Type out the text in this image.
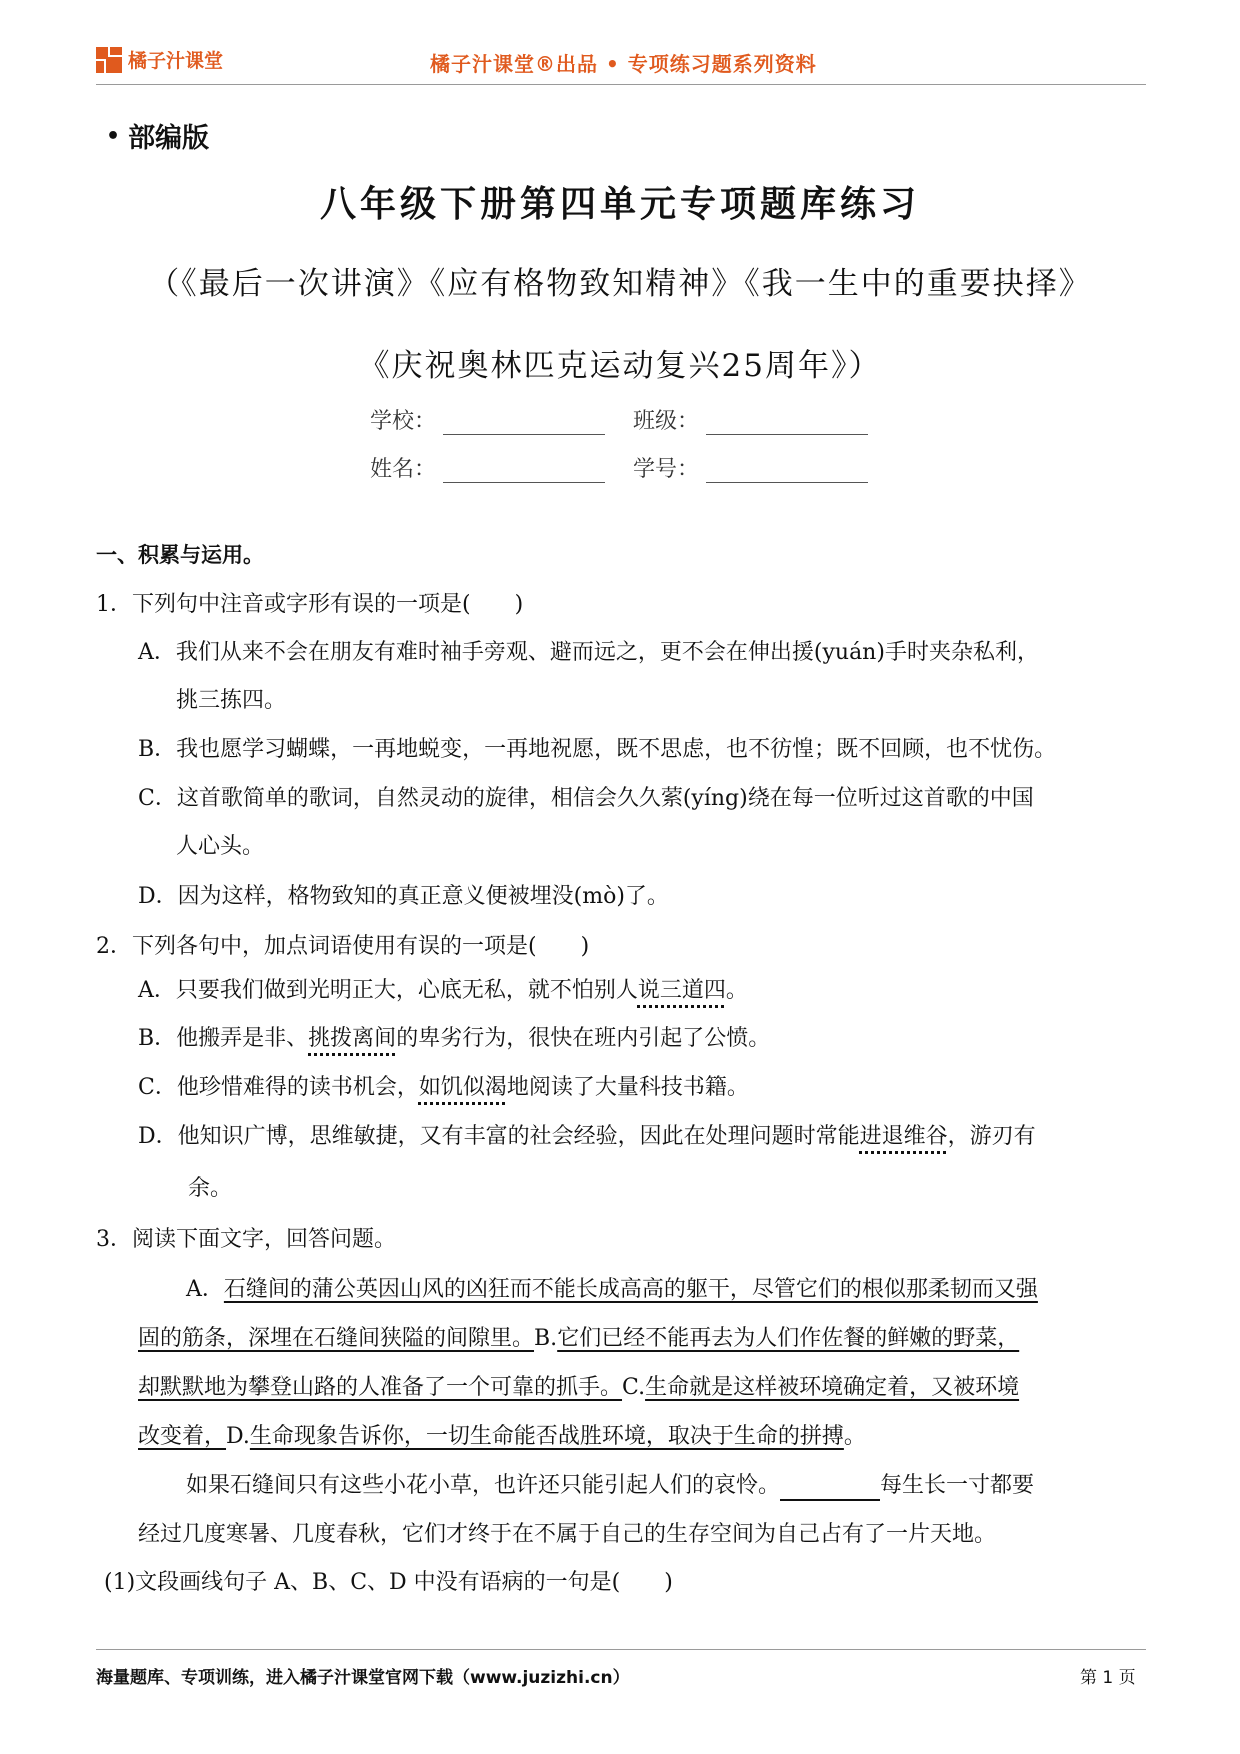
橘子汁课堂	橘子汁课堂®出品 • 专项练习题系列资料
• 部编版
八年级下册第四单元专项题库练习
（《最后一次讲演》《应有格物致知精神》《我一生中的重要抉择》
《庆祝奥林匹克运动复兴25周年》）
学校：	班级：
姓名：	学号：
一、积累与运用。
1．下列句中注音或字形有误的一项是(　　)
A．我们从来不会在朋友有难时袖手旁观、避而远之，更不会在伸出援(yuán)手时夹杂私利，
挑三拣四。
B．我也愿学习蝴蝶，一再地蜕变，一再地祝愿，既不思虑，也不彷惶；既不回顾，也不忧伤。
C．这首歌简单的歌词，自然灵动的旋律，相信会久久萦(yíng)绕在每一位听过这首歌的中国
人心头。
D．因为这样，格物致知的真正意义便被埋没(mò)了。
2．下列各句中，加点词语使用有误的一项是(　　)
A．只要我们做到光明正大，心底无私，就不怕别人说三道四。
B．他搬弄是非、挑拨离间的卑劣行为，很快在班内引起了公愤。
C．他珍惜难得的读书机会，如饥似渴地阅读了大量科技书籍。
D．他知识广博，思维敏捷，又有丰富的社会经验，因此在处理问题时常能进退维谷，游刃有
余。
3．阅读下面文字，回答问题。
A．石缝间的蒲公英因山风的凶狂而不能长成高高的躯干，尽管它们的根似那柔韧而又强
固的筋条，深埋在石缝间狭隘的间隙里。B.它们已经不能再去为人们作佐餐的鲜嫩的野菜，
却默默地为攀登山路的人准备了一个可靠的抓手。C.生命就是这样被环境确定着，又被环境
改变着，D.生命现象告诉你，一切生命能否战胜环境，取决于生命的拼搏。
如果石缝间只有这些小花小草，也许还只能引起人们的哀怜。	每生长一寸都要
经过几度寒暑、几度春秋，它们才终于在不属于自己的生存空间为自己占有了一片天地。
(1)文段画线句子 A、B、C、D 中没有语病的一句是(　　)
海量题库、专项训练，进入橘子汁课堂官网下载（www.juzizhi.cn）	第 1 页
